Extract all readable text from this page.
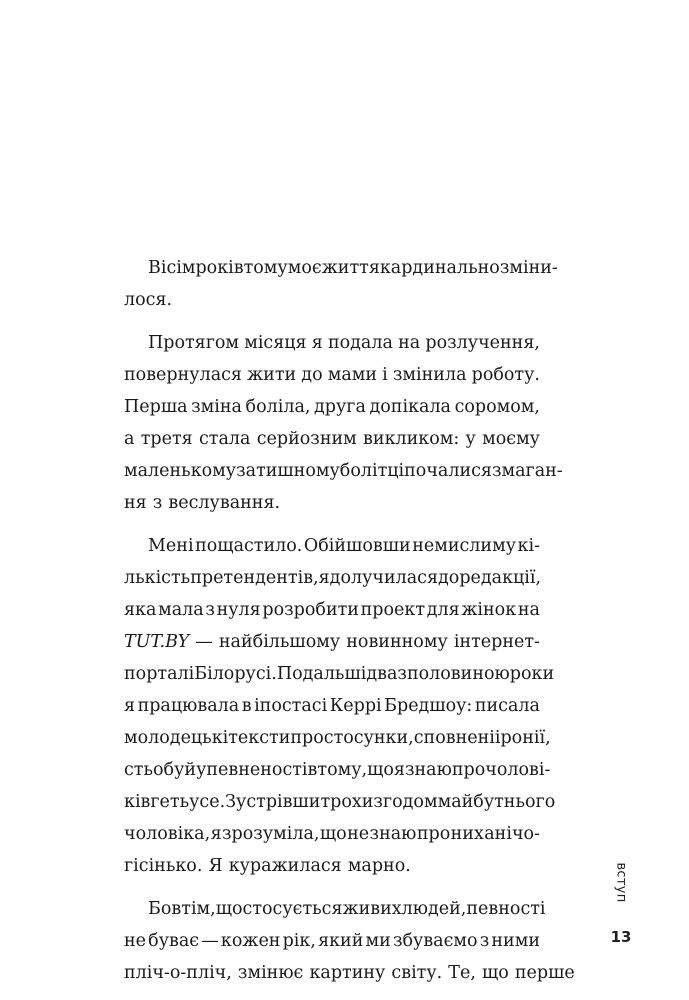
Вісім років тому моє життя кардинально зміни-
лося.
Протягом місяця я подала на розлучення,
повернулася жити до мами і змінила роботу.
Перша зміна боліла, друга допікала соромом,
а третя стала серйозним викликом: у моєму
маленькому затишному болітці почалися змаган-
ня
з
веслування.
Мені пощастило. Обійшовши немислиму кі-
лькість претендентів, я долучилася до редакції,
яка мала з нуля розробити проект для жінок на
TUT.BY — найбільшому новинному інтернет-
порталі Білорусі. Подальші два з половиною роки
я працювала в іпостасі Керрі Бредшоу: писала
молодецькі тексти про стосунки, сповнені іронії,
стьобу й упевненості в тому, що я знаю про чолові-
ків геть усе. Зустрівши трохи згодом майбутнього
чоловіка, я зрозуміла, що не знаю про них анічо-
гісінько.
Я
куражилася
марно.
Бо в тім, що стосується живих людей, певності
не буває — кожен рік, який ми збуваємо з ними
пліч-о-пліч,
змінює
картину
світу.
Те,
що
перше
вступ
13
